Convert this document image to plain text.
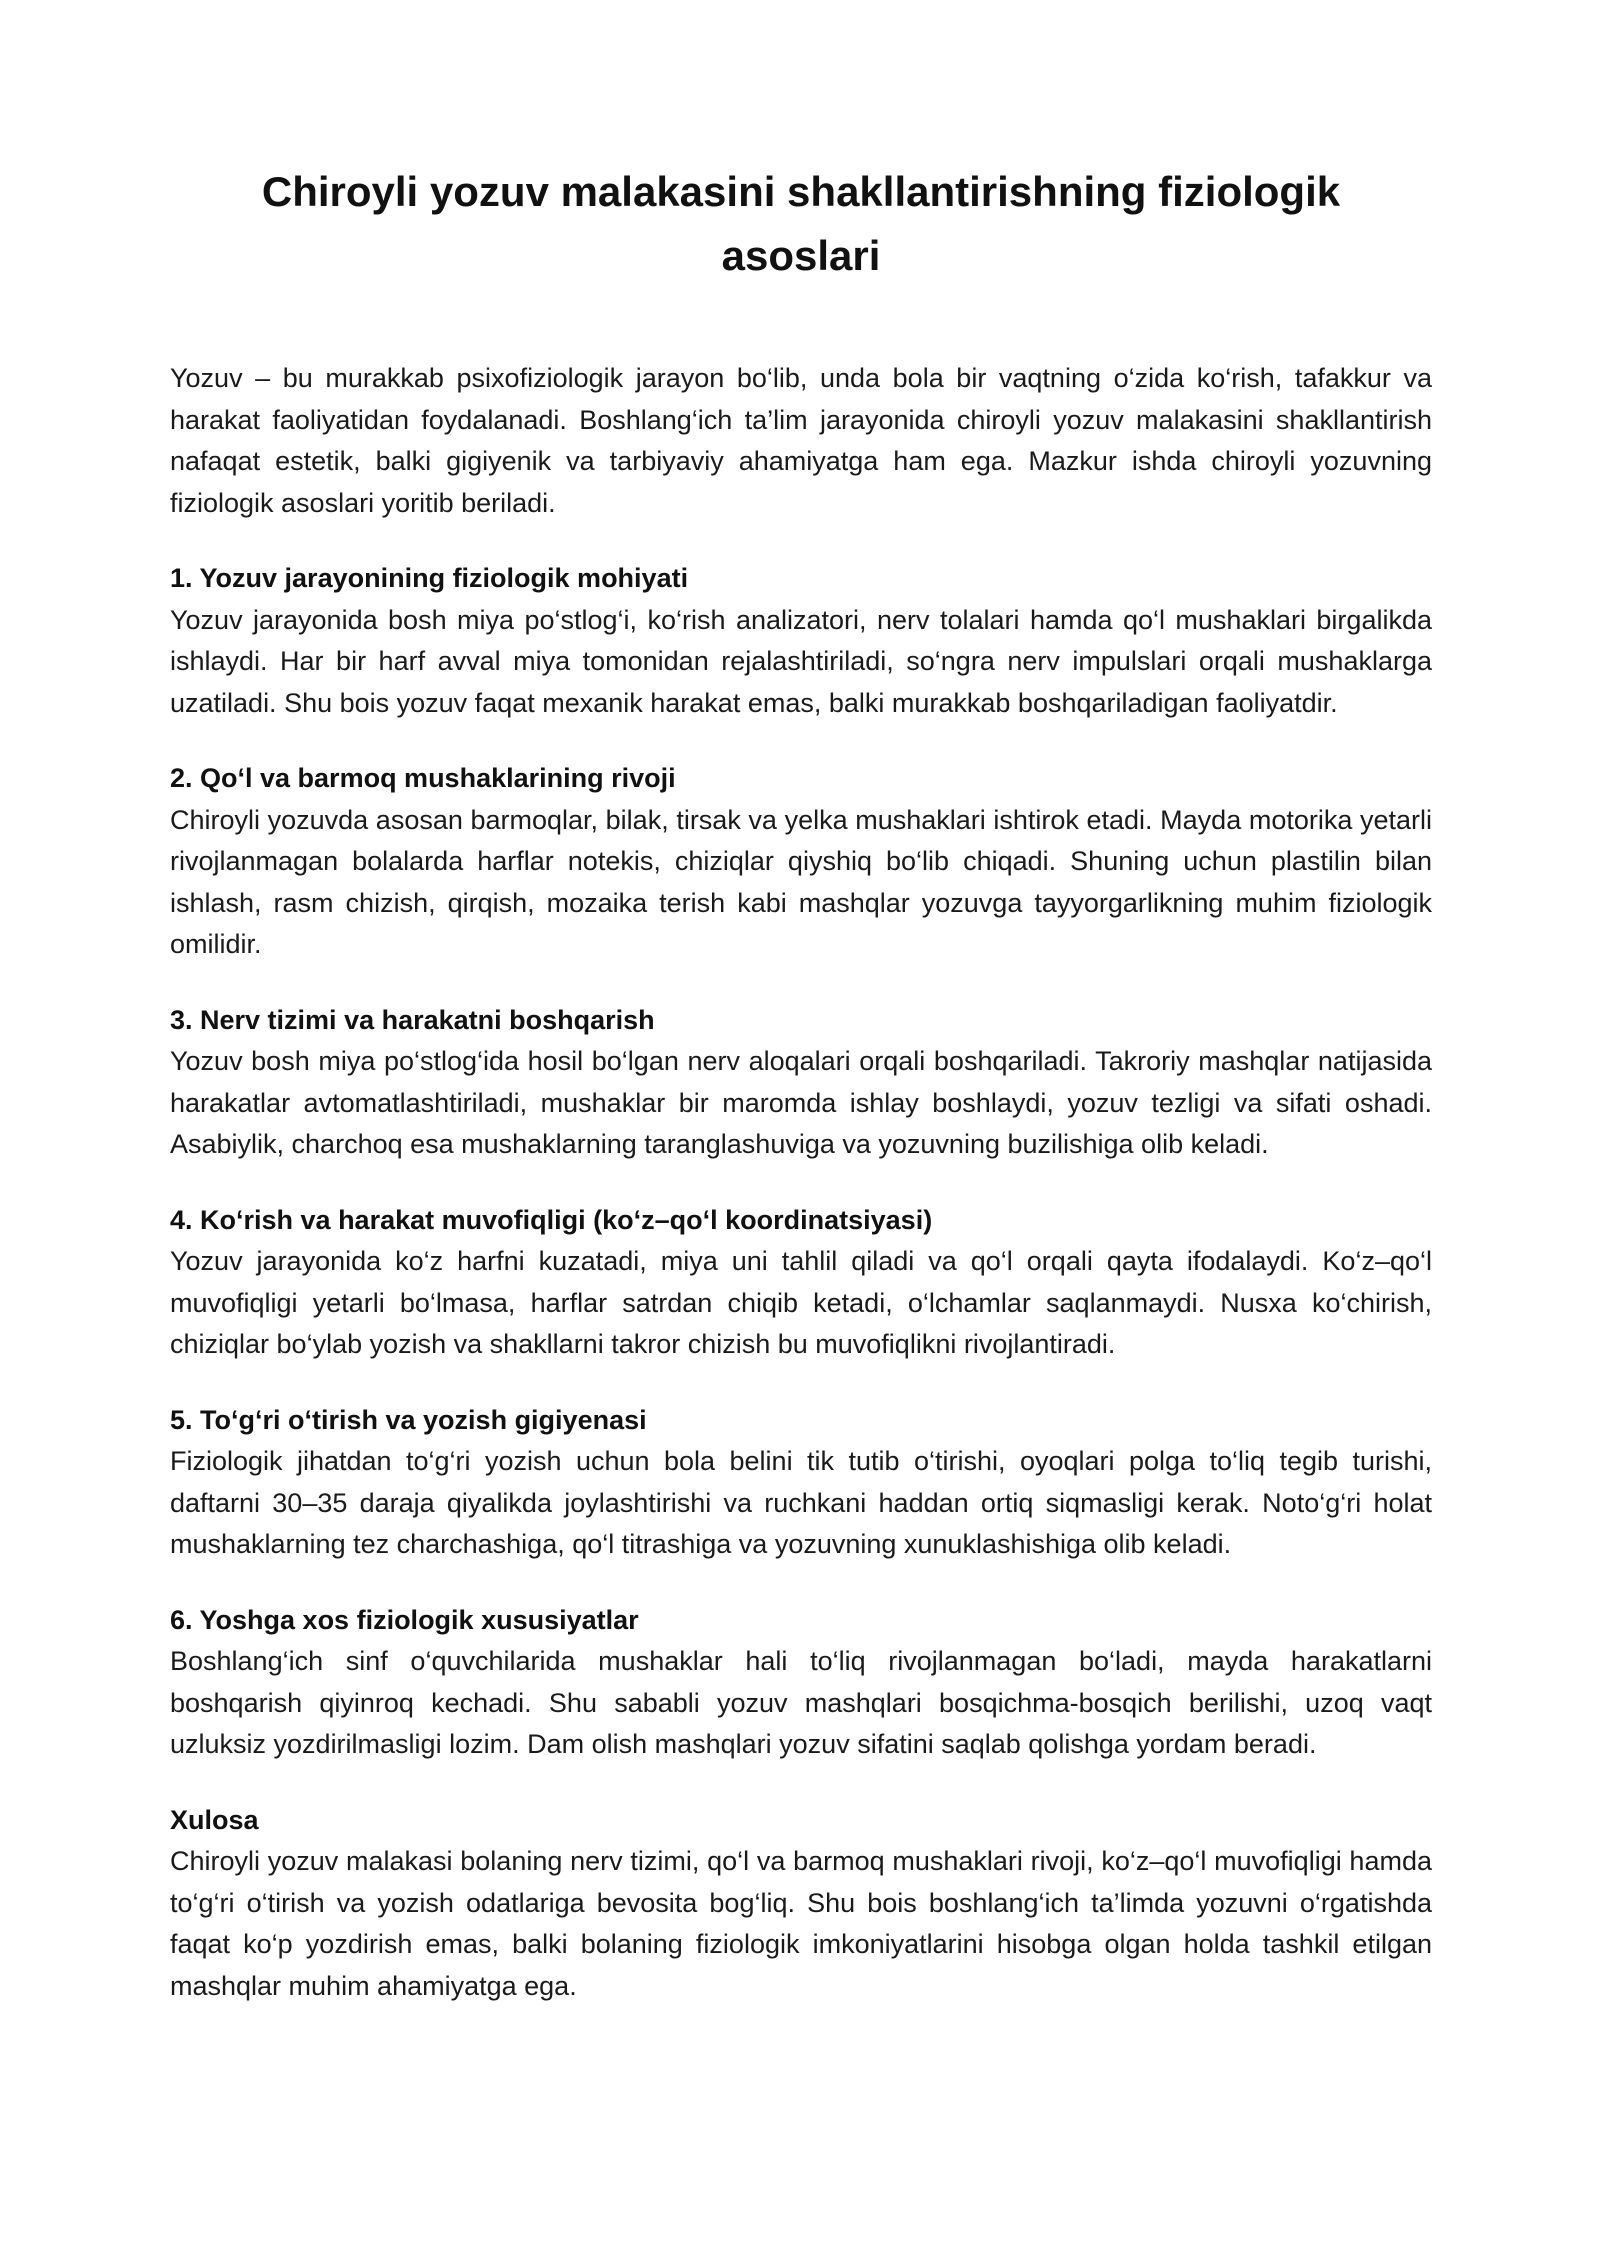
Chiroyli yozuv malakasini shakllantirishning fiziologik asoslari

Yozuv – bu murakkab psixofiziologik jarayon bo‘lib, unda bola bir vaqtning o‘zida ko‘rish, tafakkur va harakat faoliyatidan foydalanadi. Boshlang‘ich ta’lim jarayonida chiroyli yozuv malakasini shakllantirish nafaqat estetik, balki gigiyenik va tarbiyaviy ahamiyatga ham ega. Mazkur ishda chiroyli yozuvning fiziologik asoslari yoritib beriladi.

1. Yozuv jarayonining fiziologik mohiyati

Yozuv jarayonida bosh miya po‘stlog‘i, ko‘rish analizatori, nerv tolalari hamda qo‘l mushaklari birgalikda ishlaydi. Har bir harf avval miya tomonidan rejalashtiriladi, so‘ngra nerv impulslari orqali mushaklarga uzatiladi. Shu bois yozuv faqat mexanik harakat emas, balki murakkab boshqariladigan faoliyatdir.

2. Qo‘l va barmoq mushaklarining rivoji

Chiroyli yozuvda asosan barmoqlar, bilak, tirsak va yelka mushaklari ishtirok etadi. Mayda motorika yetarli rivojlanmagan bolalarda harflar notekis, chiziqlar qiyshiq bo‘lib chiqadi. Shuning uchun plastilin bilan ishlash, rasm chizish, qirqish, mozaika terish kabi mashqlar yozuvga tayyorgarlikning muhim fiziologik omilidir.

3. Nerv tizimi va harakatni boshqarish

Yozuv bosh miya po‘stlog‘ida hosil bo‘lgan nerv aloqalari orqali boshqariladi. Takroriy mashqlar natijasida harakatlar avtomatlashtiriladi, mushaklar bir maromda ishlay boshlaydi, yozuv tezligi va sifati oshadi. Asabiylik, charchoq esa mushaklarning taranglashuviga va yozuvning buzilishiga olib keladi.

4. Ko‘rish va harakat muvofiqligi (ko‘z–qo‘l koordinatsiyasi)

Yozuv jarayonida ko‘z harfni kuzatadi, miya uni tahlil qiladi va qo‘l orqali qayta ifodalaydi. Ko‘z–qo‘l muvofiqligi yetarli bo‘lmasa, harflar satrdan chiqib ketadi, o‘lchamlar saqlanmaydi. Nusxa ko‘chirish, chiziqlar bo‘ylab yozish va shakllarni takror chizish bu muvofiqlikni rivojlantiradi.

5. To‘g‘ri o‘tirish va yozish gigiyenasi

Fiziologik jihatdan to‘g‘ri yozish uchun bola belini tik tutib o‘tirishi, oyoqlari polga to‘liq tegib turishi, daftarni 30–35 daraja qiyalikda joylashtirishi va ruchkani haddan ortiq siqmasligi kerak. Noto‘g‘ri holat mushaklarning tez charchashiga, qo‘l titrashiga va yozuvning xunuklashishiga olib keladi.

6. Yoshga xos fiziologik xususiyatlar

Boshlang‘ich sinf o‘quvchilarida mushaklar hali to‘liq rivojlanmagan bo‘ladi, mayda harakatlarni boshqarish qiyinroq kechadi. Shu sababli yozuv mashqlari bosqichma-bosqich berilishi, uzoq vaqt uzluksiz yozdirilmasligi lozim. Dam olish mashqlari yozuv sifatini saqlab qolishga yordam beradi.

Xulosa

Chiroyli yozuv malakasi bolaning nerv tizimi, qo‘l va barmoq mushaklari rivoji, ko‘z–qo‘l muvofiqligi hamda to‘g‘ri o‘tirish va yozish odatlariga bevosita bog‘liq. Shu bois boshlang‘ich ta’limda yozuvni o‘rgatishda faqat ko‘p yozdirish emas, balki bolaning fiziologik imkoniyatlarini hisobga olgan holda tashkil etilgan mashqlar muhim ahamiyatga ega.
